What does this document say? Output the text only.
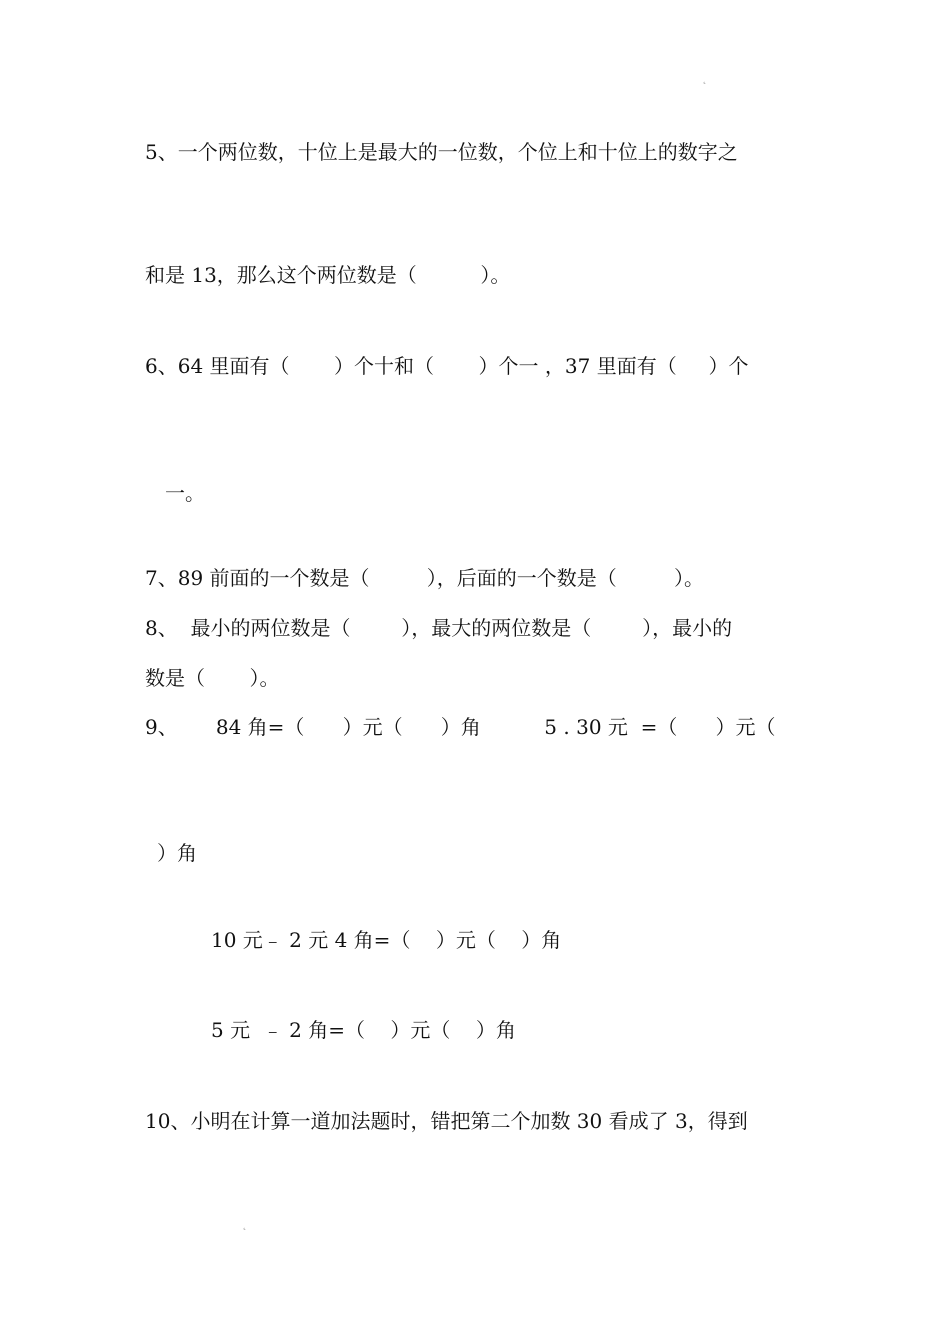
˛
5、一个两位数，十位上是最大的一位数，个位上和十位上的数字之
和是 13，那么这个两位数是（          ）。
6、64 里面有（       ）个十和（       ）个一 ，37 里面有（     ）个
一。
7、89 前面的一个数是（         ），后面的一个数是（         ）。
8、  最小的两位数是（        ），最大的两位数是（        ），最小的
数是（       ）。
9、      84 角=（      ）元（      ）角          5 . 30 元  =（      ）元（
）角
10 元﹣ 2 元 4 角=（    ）元（    ）角
5 元  ﹣ 2 角=（    ）元（    ）角
10、小明在计算一道加法题时，错把第二个加数 30 看成了 3，得到
˛
